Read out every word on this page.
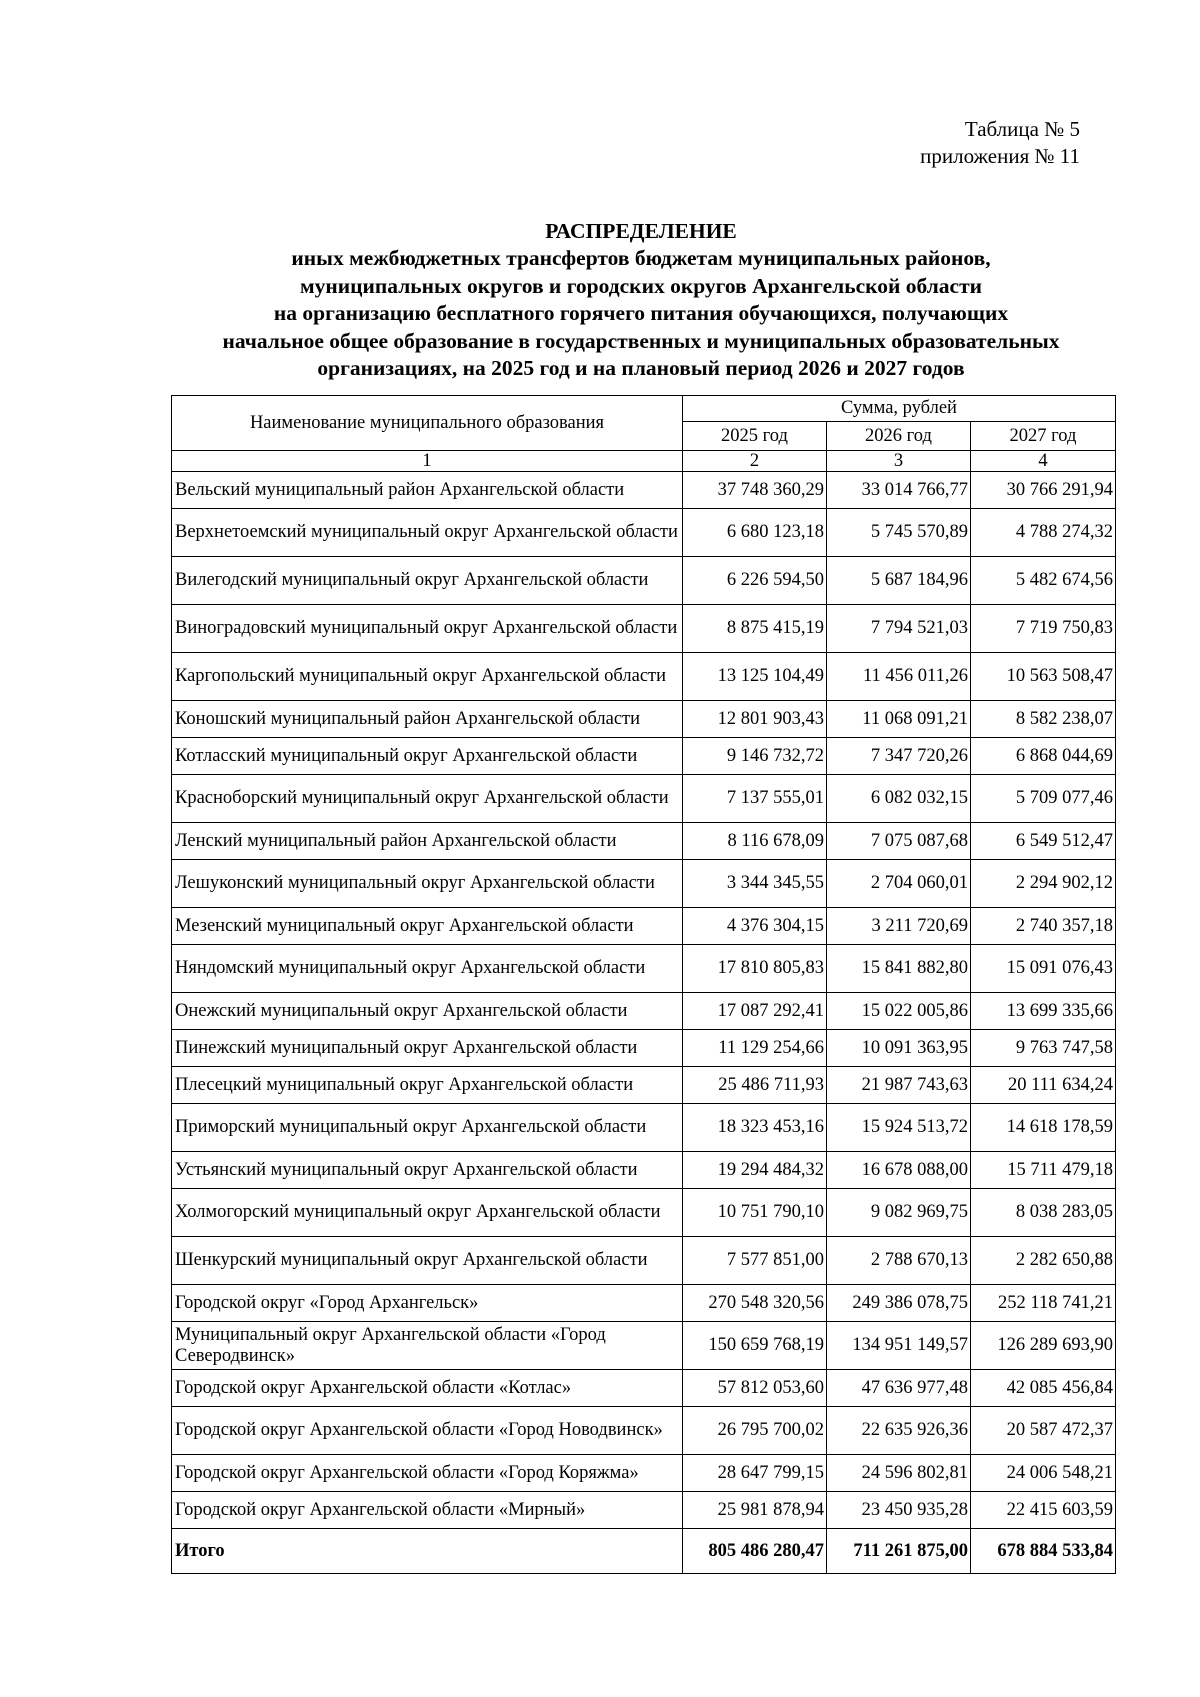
Таблица № 5
приложения № 11
РАСПРЕДЕЛЕНИЕ
иных межбюджетных трансфертов бюджетам муниципальных районов,
муниципальных округов и городских округов Архангельской области
на организацию бесплатного горячего питания обучающихся, получающих
начальное общее образование в государственных и муниципальных образовательных
организациях, на 2025 год и на плановый период 2026 и 2027 годов
Наименование муниципального образования	Сумма, рублей		
	2025 год	2026 год	2027 год
1	2	3	4
Вельский муниципальный район Архангельской области	37 748 360,29	33 014 766,77	30 766 291,94
Верхнетоемский муниципальный округ Архангельской области	6 680 123,18	5 745 570,89	4 788 274,32
Вилегодский муниципальный округ Архангельской области	6 226 594,50	5 687 184,96	5 482 674,56
Виноградовский муниципальный округ Архангельской области	8 875 415,19	7 794 521,03	7 719 750,83
Каргопольский муниципальный округ Архангельской области	13 125 104,49	11 456 011,26	10 563 508,47
Коношский муниципальный район Архангельской области	12 801 903,43	11 068 091,21	8 582 238,07
Котласский муниципальный округ Архангельской области	9 146 732,72	7 347 720,26	6 868 044,69
Красноборский муниципальный округ Архангельской области	7 137 555,01	6 082 032,15	5 709 077,46
Ленский муниципальный район Архангельской области	8 116 678,09	7 075 087,68	6 549 512,47
Лешуконский муниципальный округ Архангельской области	3 344 345,55	2 704 060,01	2 294 902,12
Мезенский муниципальный округ Архангельской области	4 376 304,15	3 211 720,69	2 740 357,18
Няндомский муниципальный округ Архангельской области	17 810 805,83	15 841 882,80	15 091 076,43
Онежский муниципальный округ Архангельской области	17 087 292,41	15 022 005,86	13 699 335,66
Пинежский муниципальный округ Архангельской области	11 129 254,66	10 091 363,95	9 763 747,58
Плесецкий муниципальный округ Архангельской области	25 486 711,93	21 987 743,63	20 111 634,24
Приморский муниципальный округ Архангельской области	18 323 453,16	15 924 513,72	14 618 178,59
Устьянский муниципальный округ Архангельской области	19 294 484,32	16 678 088,00	15 711 479,18
Холмогорский муниципальный округ Архангельской области	10 751 790,10	9 082 969,75	8 038 283,05
Шенкурский муниципальный округ Архангельской области	7 577 851,00	2 788 670,13	2 282 650,88
Городской округ «Город Архангельск»	270 548 320,56	249 386 078,75	252 118 741,21
Муниципальный округ Архангельской области «Город Северодвинск»	150 659 768,19	134 951 149,57	126 289 693,90
Городской округ Архангельской области «Котлас»	57 812 053,60	47 636 977,48	42 085 456,84
Городской округ Архангельской области «Город Новодвинск»	26 795 700,02	22 635 926,36	20 587 472,37
Городской округ Архангельской области «Город Коряжма»	28 647 799,15	24 596 802,81	24 006 548,21
Городской округ Архангельской области «Мирный»	25 981 878,94	23 450 935,28	22 415 603,59
Итого	805 486 280,47	711 261 875,00	678 884 533,84
